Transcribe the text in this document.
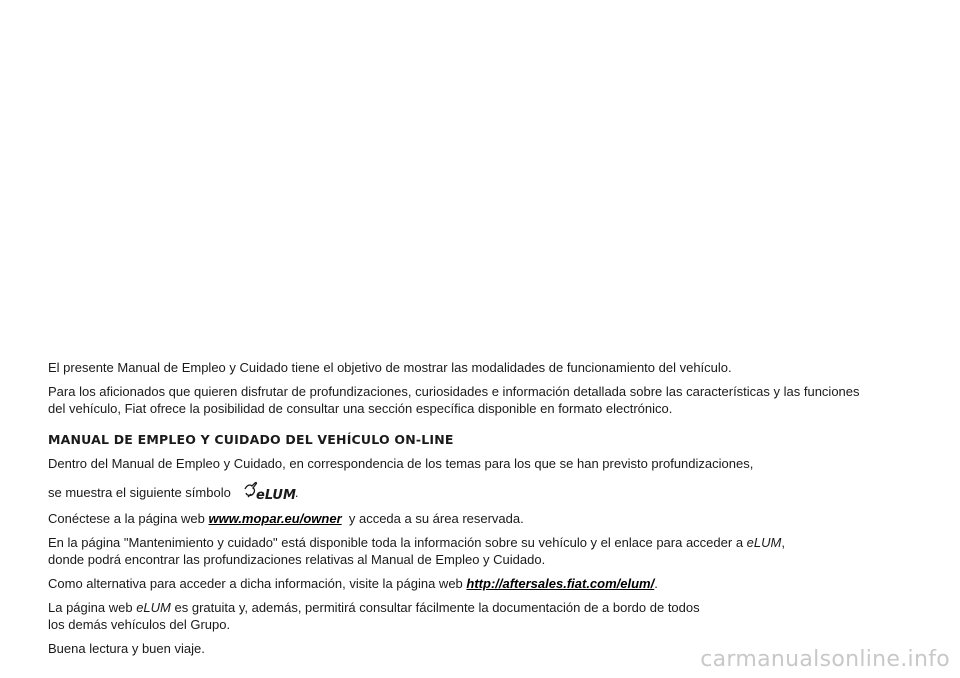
El presente Manual de Empleo y Cuidado tiene el objetivo de mostrar las modalidades de funcionamiento del vehículo.

Para los aficionados que quieren disfrutar de profundizaciones, curiosidades e información detallada sobre las características y las funciones
del vehículo, Fiat ofrece la posibilidad de consultar una sección específica disponible en formato electrónico.

MANUAL DE EMPLEO Y CUIDADO DEL VEHÍCULO ON-LINE

Dentro del Manual de Empleo y Cuidado, en correspondencia de los temas para los que se han previsto profundizaciones,

se muestra el siguiente símbolo eLUM .

Conéctese a la página web www.mopar.eu/owner y acceda a su área reservada.

En la página "Mantenimiento y cuidado" está disponible toda la información sobre su vehículo y el enlace para acceder a eLUM,
donde podrá encontrar las profundizaciones relativas al Manual de Empleo y Cuidado.

Como alternativa para acceder a dicha información, visite la página web http://aftersales.fiat.com/elum/.

La página web eLUM es gratuita y, además, permitirá consultar fácilmente la documentación de a bordo de todos
los demás vehículos del Grupo.

Buena lectura y buen viaje.	carmanualsonline.info
